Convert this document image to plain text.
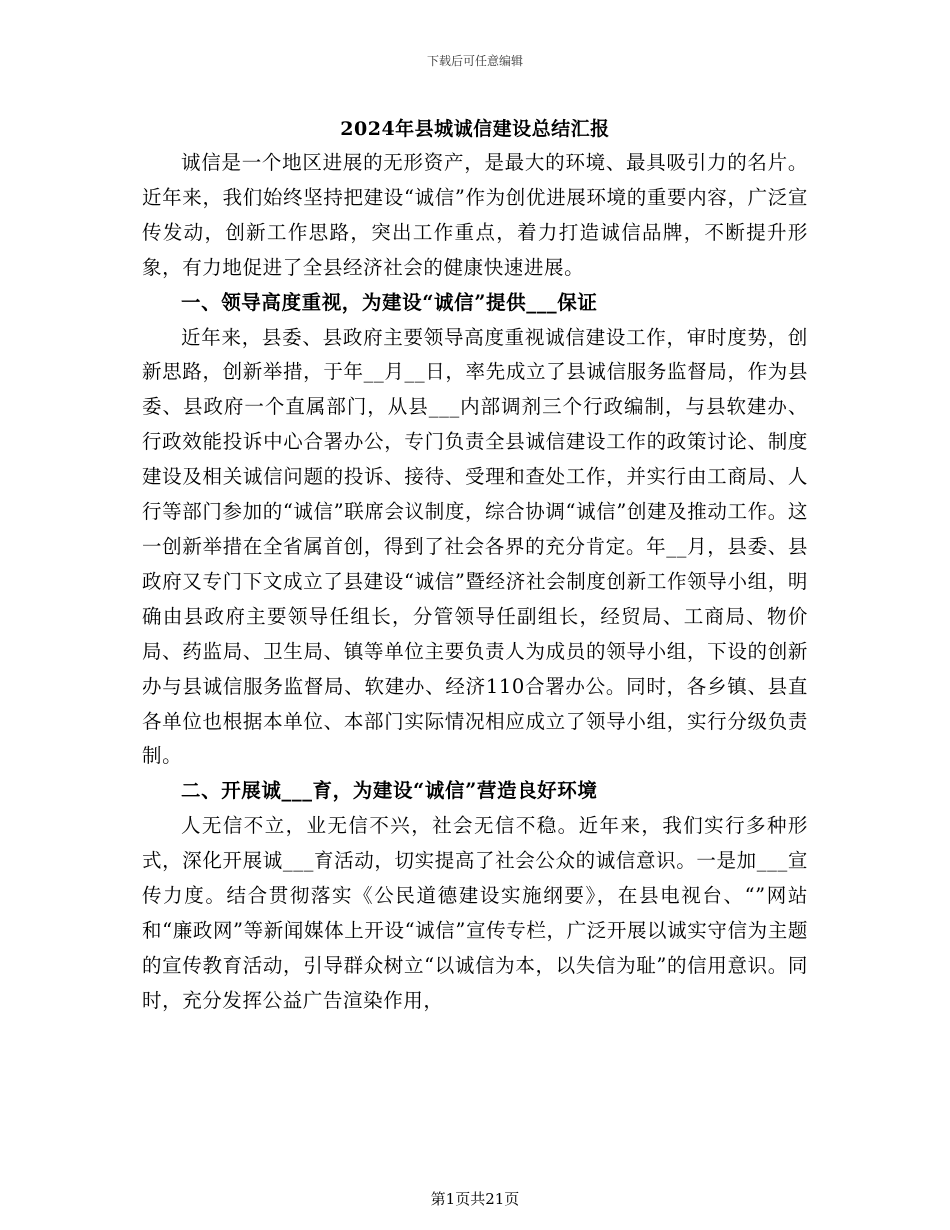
下载后可任意编辑
2024年县城诚信建设总结汇报

诚信是一个地区进展的无形资产，是最大的环境、最具吸引力的名片。近年来，我们始终坚持把建设“诚信”作为创优进展环境的重要内容，广泛宣传发动，创新工作思路，突出工作重点，着力打造诚信品牌，不断提升形象，有力地促进了全县经济社会的健康快速进展。

一、领导高度重视，为建设“诚信”提供___保证

近年来，县委、县政府主要领导高度重视诚信建设工作，审时度势，创新思路，创新举措，于年__月__日，率先成立了县诚信服务监督局，作为县委、县政府一个直属部门，从县___内部调剂三个行政编制，与县软建办、行政效能投诉中心合署办公，专门负责全县诚信建设工作的政策讨论、制度建设及相关诚信问题的投诉、接待、受理和查处工作，并实行由工商局、人行等部门参加的“诚信”联席会议制度，综合协调“诚信”创建及推动工作。这一创新举措在全省属首创，得到了社会各界的充分肯定。年__月，县委、县政府又专门下文成立了县建设“诚信”暨经济社会制度创新工作领导小组，明确由县政府主要领导任组长，分管领导任副组长，经贸局、工商局、物价局、药监局、卫生局、镇等单位主要负责人为成员的领导小组，下设的创新办与县诚信服务监督局、软建办、经济110合署办公。同时，各乡镇、县直各单位也根据本单位、本部门实际情况相应成立了领导小组，实行分级负责制。

二、开展诚___育，为建设“诚信”营造良好环境

人无信不立，业无信不兴，社会无信不稳。近年来，我们实行多种形式，深化开展诚___育活动，切实提高了社会公众的诚信意识。一是加___宣传力度。结合贯彻落实《公民道德建设实施纲要》，在县电视台、“”网站和“廉政网”等新闻媒体上开设“诚信”宣传专栏，广泛开展以诚实守信为主题的宣传教育活动，引导群众树立“以诚信为本，以失信为耻”的信用意识。同时，充分发挥公益广告渲染作用，

第1页共21页
